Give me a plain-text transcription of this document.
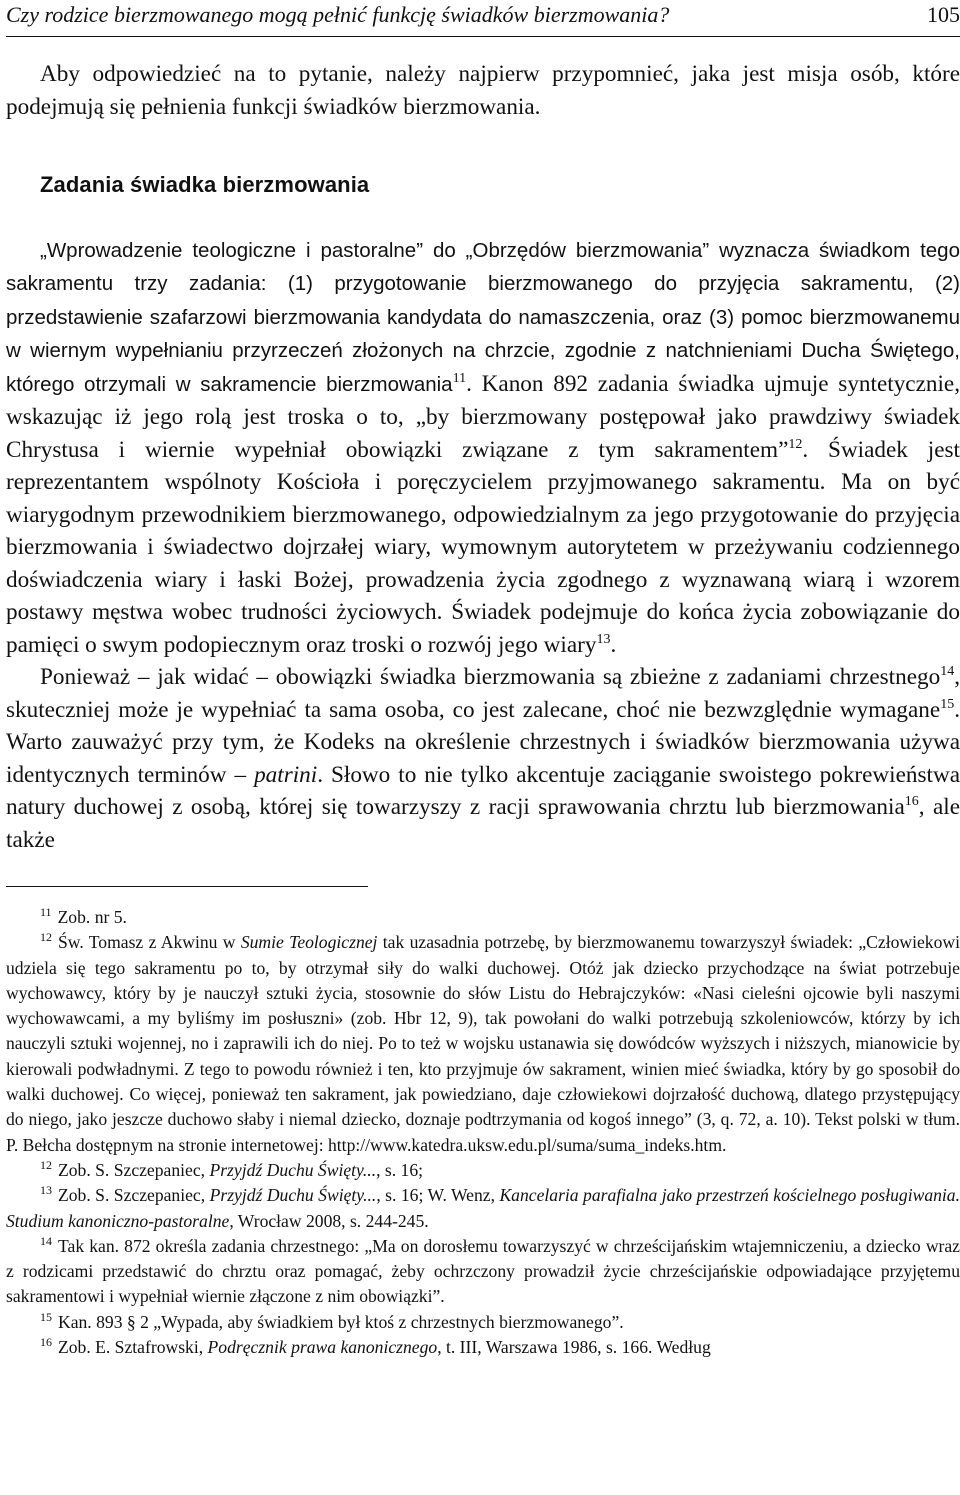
Czy rodzice bierzmowanego mogą pełnić funkcję świadków bierzmowania?	105

Aby odpowiedzieć na to pytanie, należy najpierw przypomnieć, jaka jest misja osób, które podejmują się pełnienia funkcji świadków bierzmowania.

Zadania świadka bierzmowania

„Wprowadzenie teologiczne i pastoralne” do „Obrzędów bierzmowania” wyznacza świadkom tego sakramentu trzy zadania: (1) przygotowanie bierzmowanego do przyjęcia sakramentu, (2) przedstawienie szafarzowi bierzmowania kandydata do namaszczenia, oraz (3) pomoc bierzmowanemu w wiernym wypełnianiu przyrzeczeń złożonych na chrzcie, zgodnie z natchnieniami Ducha Świętego, którego otrzymali w sakramencie bierzmowania$^{11}$. Kanon 892 zadania świadka ujmuje syntetycznie, wskazując iż jego rolą jest troska o to, „by bierzmowany postępował jako prawdziwy świadek Chrystusa i wiernie wypełniał obowiązki związane z tym sakramentem”$^{12}$. Świadek jest reprezentantem wspólnoty Kościoła i poręczycielem przyjmowanego sakramentu. Ma on być wiarygodnym przewodnikiem bierzmowanego, odpowiedzialnym za jego przygotowanie do przyjęcia bierzmowania i świadectwo dojrzałej wiary, wymownym autorytetem w przeżywaniu codziennego doświadczenia wiary i łaski Bożej, prowadzenia życia zgodnego z wyznawaną wiarą i wzorem postawy męstwa wobec trudności życiowych. Świadek podejmuje do końca życia zobowiązanie do pamięci o swym podopiecznym oraz troski o rozwój jego wiary$^{13}$.

Ponieważ – jak widać – obowiązki świadka bierzmowania są zbieżne z zadaniami chrzestnego$^{14}$, skuteczniej może je wypełniać ta sama osoba, co jest zalecane, choć nie bezwzględnie wymagane$^{15}$. Warto zauważyć przy tym, że Kodeks na określenie chrzestnych i świadków bierzmowania używa identycznych terminów – patrini. Słowo to nie tylko akcentuje zaciąganie swoistego pokrewieństwa natury duchowej z osobą, której się towarzyszy z racji sprawowania chrztu lub bierzmowania$^{16}$, ale także

$^{11}$ Zob. nr 5.

$^{12}$ Św. Tomasz z Akwinu w Sumie Teologicznej tak uzasadnia potrzebę, by bierzmowanemu towarzyszył świadek: „Człowiekowi udziela się tego sakramentu po to, by otrzymał siły do walki duchowej. Otóż jak dziecko przychodzące na świat potrzebuje wychowawcy, który by je nauczył sztuki życia, stosownie do słów Listu do Hebrajczyków: «Nasi cieleśni ojcowie byli naszymi wychowawcami, a my byliśmy im posłuszni» (zob. Hbr 12, 9), tak powołani do walki potrzebują szkoleniowców, którzy by ich nauczyli sztuki wojennej, no i zaprawili ich do niej. Po to też w wojsku ustanawia się dowódców wyższych i niższych, mianowicie by kierowali podwładnymi. Z tego to powodu również i ten, kto przyjmuje ów sakrament, winien mieć świadka, który by go sposobił do walki duchowej. Co więcej, ponieważ ten sakrament, jak powiedziano, daje człowiekowi dojrzałość duchową, dlatego przystępujący do niego, jako jeszcze duchowo słaby i niemal dziecko, doznaje podtrzymania od kogoś innego” (3, q. 72, a. 10). Tekst polski w tłum. P. Bełcha dostępnym na stronie internetowej: http://www.katedra.uksw.edu.pl/suma/suma_indeks.htm.

$^{12}$ Zob. S. Szczepaniec, Przyjdź Duchu Święty..., s. 16;

$^{13}$ Zob. S. Szczepaniec, Przyjdź Duchu Święty..., s. 16; W. Wenz, Kancelaria parafialna jako przestrzeń kościelnego posługiwania. Studium kanoniczno-pastoralne, Wrocław 2008, s. 244-245.

$^{14}$ Tak kan. 872 określa zadania chrzestnego: „Ma on dorosłemu towarzyszyć w chrześcijańskim wtajemniczeniu, a dziecko wraz z rodzicami przedstawić do chrztu oraz pomagać, żeby ochrzczony prowadził życie chrześcijańskie odpowiadające przyjętemu sakramentowi i wypełniał wiernie złączone z nim obowiązki”.

$^{15}$ Kan. 893 § 2 „Wypada, aby świadkiem był ktoś z chrzestnych bierzmowanego”.

$^{16}$ Zob. E. Sztafrowski, Podręcznik prawa kanonicznego, t. III, Warszawa 1986, s. 166. Według
